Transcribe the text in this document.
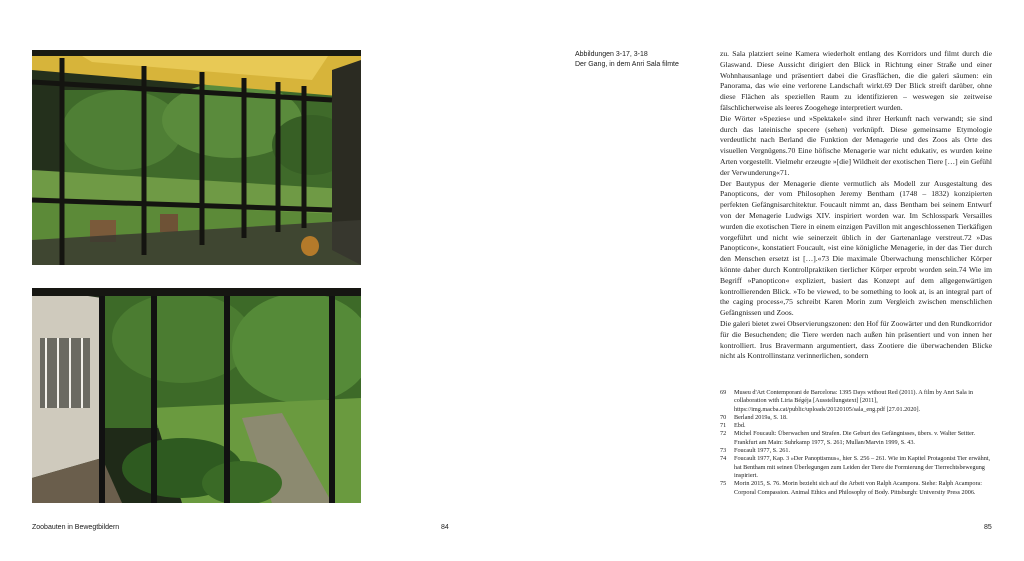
Abbildungen 3-17, 3-18
Der Gang, in dem Anri Sala filmte

zu. Sala platziert seine Kamera wiederholt entlang des Korridors und filmt durch die Glaswand. Diese Aussicht dirigiert den Blick in Richtung einer Straße und einer Wohnhausanlage und präsentiert dabei die Grasflächen, die die galeri säumen: ein Panorama, das wie eine verlorene Landschaft wirkt.69 Der Blick streift darüber, ohne diese Flächen als speziellen Raum zu identifizieren – weswegen sie zeitweise fälschlicherweise als leeres Zoogehege interpretiert wurden.

Die Wörter »Spezies« und »Spektakel« sind ihrer Herkunft nach verwandt; sie sind durch das lateinische specere (sehen) verknüpft. Diese gemeinsame Etymologie verdeutlicht nach Berland die Funktion der Menagerie und des Zoos als Orte des visuellen Vergnügens.70 Eine höfische Menagerie war nicht edukativ, es wurden keine Arten vorgestellt. Vielmehr erzeugte »[die] Wildheit der exotischen Tiere […] ein Gefühl der Verwunderung«71.

Der Bautypus der Menagerie diente vermutlich als Modell zur Ausgestaltung des Panopticons, der vom Philosophen Jeremy Bentham (1748 – 1832) konzipierten perfekten Gefängnisarchitektur. Foucault nimmt an, dass Bentham bei seinem Entwurf von der Menagerie Ludwigs XIV. inspiriert worden war. Im Schlosspark Versailles wurden die exotischen Tiere in einem einzigen Pavillon mit angeschlossenen Tierkäfigen vorgeführt und nicht wie seinerzeit üblich in der Gartenanlage verstreut.72 »Das Panopticon«, konstatiert Foucault, »ist eine königliche Menagerie, in der das Tier durch den Menschen ersetzt ist […].«73 Die maximale Überwachung menschlicher Körper könnte daher durch Kontrollpraktiken tierlicher Körper erprobt worden sein.74 Wie im Begriff »Panopticon« expliziert, basiert das Konzept auf dem allgegenwärtigen kontrollierenden Blick. »To be viewed, to be something to look at, is an integral part of the caging process«,75 schreibt Karen Morin zum Vergleich zwischen menschlichen Gefängnissen und Zoos.

Die galeri bietet zwei Observierungszonen: den Hof für Zoowärter und den Rundkorridor für die Besuchenden; die Tiere werden nach außen hin präsentiert und von innen her kontrolliert. Irus Bravermann argumentiert, dass Zootiere die überwachenden Blicke nicht als Kontrollinstanz verinnerlichen, sondern

69	Museu d'Art Contemporani de Barcelona: 1395 Days without Red (2011). A film by Anri Sala in collaboration with Liria Bégéja [Ausstellungstext] [2011], https://img.macba.cat/public/uploads/20120105/sala_eng.pdf [27.01.2020].
70	Berland 2019a, S. 18.
71	Ebd.
72	Michel Foucault: Überwachen und Strafen. Die Geburt des Gefängnisses, übers. v. Walter Seitter. Frankfurt am Main: Suhrkamp 1977, S. 261; Mullan/Marvin 1999, S. 43.
73	Foucault 1977, S. 261.
74	Foucault 1977, Kap. 3 »Der Panoptismus«, hier S. 256 – 261. Wie im Kapitel Protagonist Tier erwähnt, hat Bentham mit seinen Überlegungen zum Leiden der Tiere die Formierung der Tierrechtsbewegung inspiriert.
75	Morin 2015, S. 76. Morin bezieht sich auf die Arbeit von Ralph Acampora. Siehe: Ralph Acampora: Corporal Compassion. Animal Ethics and Philosophy of Body. Pittsburgh: University Press 2006.
Zoobauten in Bewegtbildern	84	85
